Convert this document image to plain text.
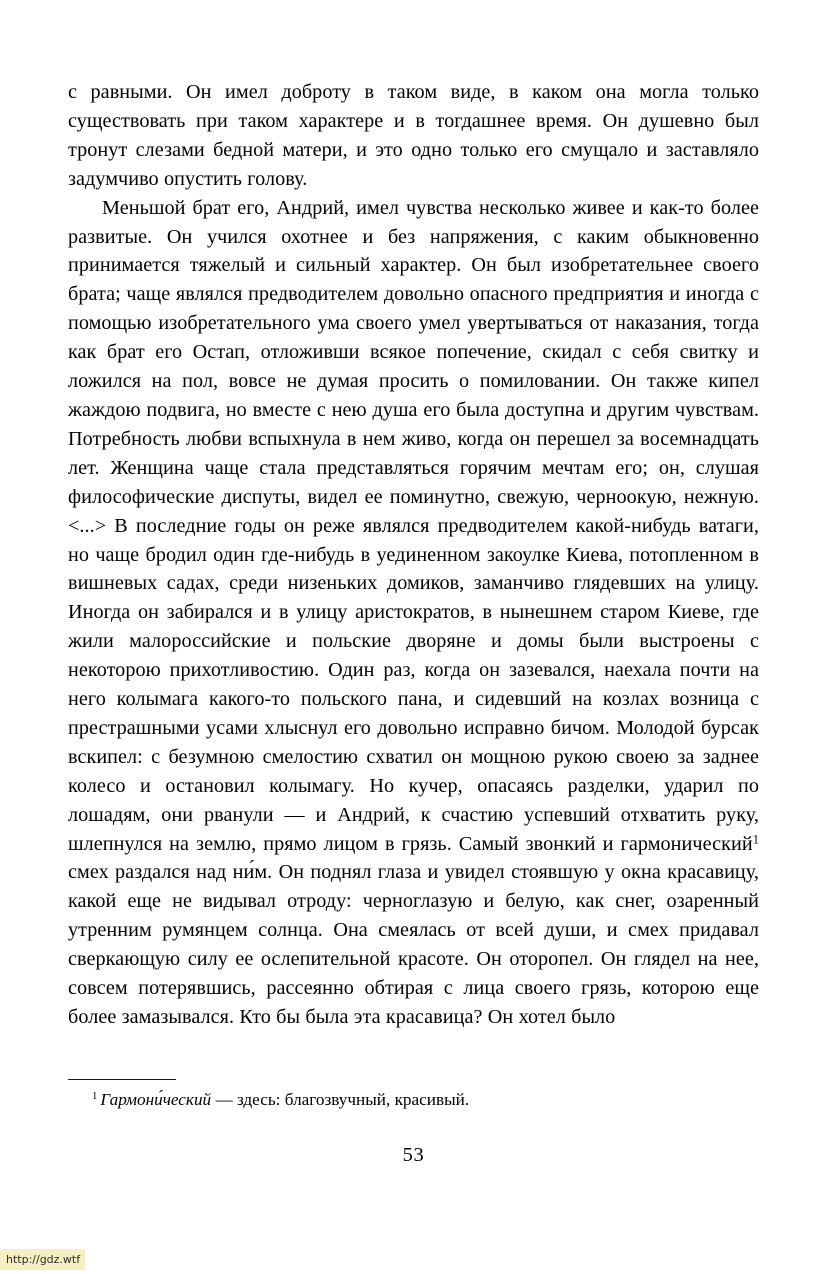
с равными. Он имел доброту в таком виде, в каком она могла только существовать при таком характере и в тогдашнее время. Он душевно был тронут слезами бедной матери, и это одно только его смущало и заставляло задумчиво опустить голову.

Меньшой брат его, Андрий, имел чувства несколько живее и как-то более развитые. Он учился охотнее и без напряжения, с каким обыкновенно принимается тяжелый и сильный характер. Он был изобретательнее своего брата; чаще являлся предводителем довольно опасного предприятия и иногда с помощью изобретательного ума своего умел увертываться от наказания, тогда как брат его Остап, отложивши всякое попечение, скидал с себя свитку и ложился на пол, вовсе не думая просить о помиловании. Он также кипел жаждою подвига, но вместе с нею душа его была доступна и другим чувствам. Потребность любви вспыхнула в нем живо, когда он перешел за восемнадцать лет. Женщина чаще стала представляться горячим мечтам его; он, слушая философические диспуты, видел ее поминутно, свежую, черноокую, нежную. <...> В последние годы он реже являлся предводителем какой-нибудь ватаги, но чаще бродил один где-нибудь в уединенном закоулке Киева, потопленном в вишневых садах, среди низеньких домиков, заманчиво глядевших на улицу. Иногда он забирался и в улицу аристократов, в нынешнем старом Киеве, где жили малороссийские и польские дворяне и домы были выстроены с некоторою прихотливостию. Один раз, когда он зазевался, наехала почти на него колымага какого-то польского пана, и сидевший на козлах возница с престрашными усами хлыснул его довольно исправно бичом. Молодой бурсак вскипел: с безумною смелостию схватил он мощною рукою своею за заднее колесо и остановил колымагу. Но кучер, опасаясь разделки, ударил по лошадям, они рванули — и Андрий, к счастию успевший отхватить руку, шлепнулся на землю, прямо лицом в грязь. Самый звонкий и гармонический$^1$ смех раздался над ни́м. Он поднял глаза и увидел стоявшую у окна красавицу, какой еще не видывал отроду: черноглазую и белую, как снег, озаренный утренним румянцем солнца. Она смеялась от всей души, и смех придавал сверкающую силу ее ослепительной красоте. Он оторопел. Он глядел на нее, совсем потерявшись, рассеянно обтирая с лица своего грязь, которою еще более замазывался. Кто бы была эта красавица? Он хотел было

$^1$ Гармони́ческий — здесь: благозвучный, красивый.

53
http://gdz.wtf
